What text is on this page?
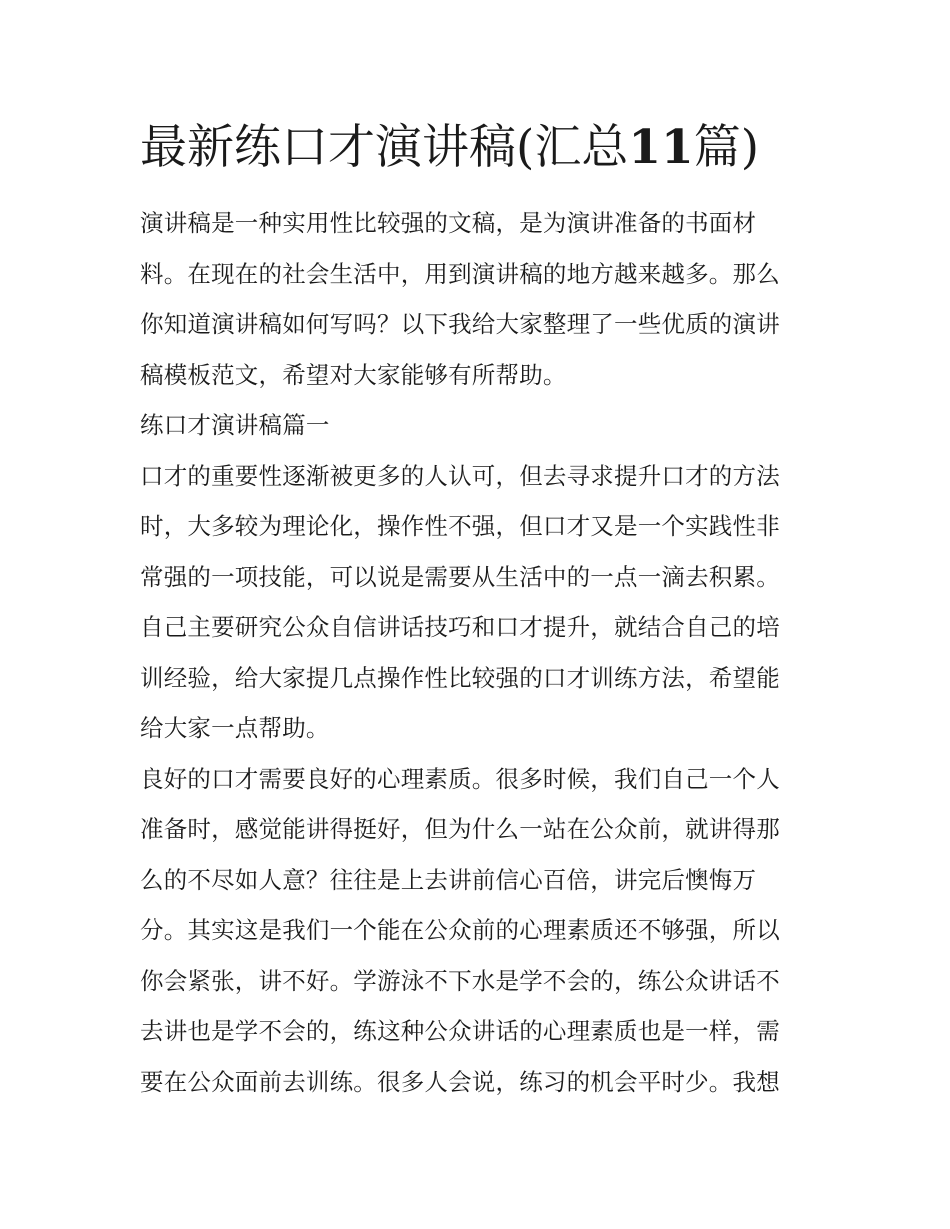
最新练口才演讲稿(汇总11篇)
演讲稿是一种实用性比较强的文稿，是为演讲准备的书面材
料。在现在的社会生活中，用到演讲稿的地方越来越多。那么
你知道演讲稿如何写吗？以下我给大家整理了一些优质的演讲
稿模板范文，希望对大家能够有所帮助。
练口才演讲稿篇一
口才的重要性逐渐被更多的人认可，但去寻求提升口才的方法
时，大多较为理论化，操作性不强，但口才又是一个实践性非
常强的一项技能，可以说是需要从生活中的一点一滴去积累。
自己主要研究公众自信讲话技巧和口才提升，就结合自己的培
训经验，给大家提几点操作性比较强的口才训练方法，希望能
给大家一点帮助。
良好的口才需要良好的心理素质。很多时候，我们自己一个人
准备时，感觉能讲得挺好，但为什么一站在公众前，就讲得那
么的不尽如人意？往往是上去讲前信心百倍，讲完后懊悔万
分。其实这是我们一个能在公众前的心理素质还不够强，所以
你会紧张，讲不好。学游泳不下水是学不会的，练公众讲话不
去讲也是学不会的，练这种公众讲话的心理素质也是一样，需
要在公众面前去训练。很多人会说，练习的机会平时少。我想
